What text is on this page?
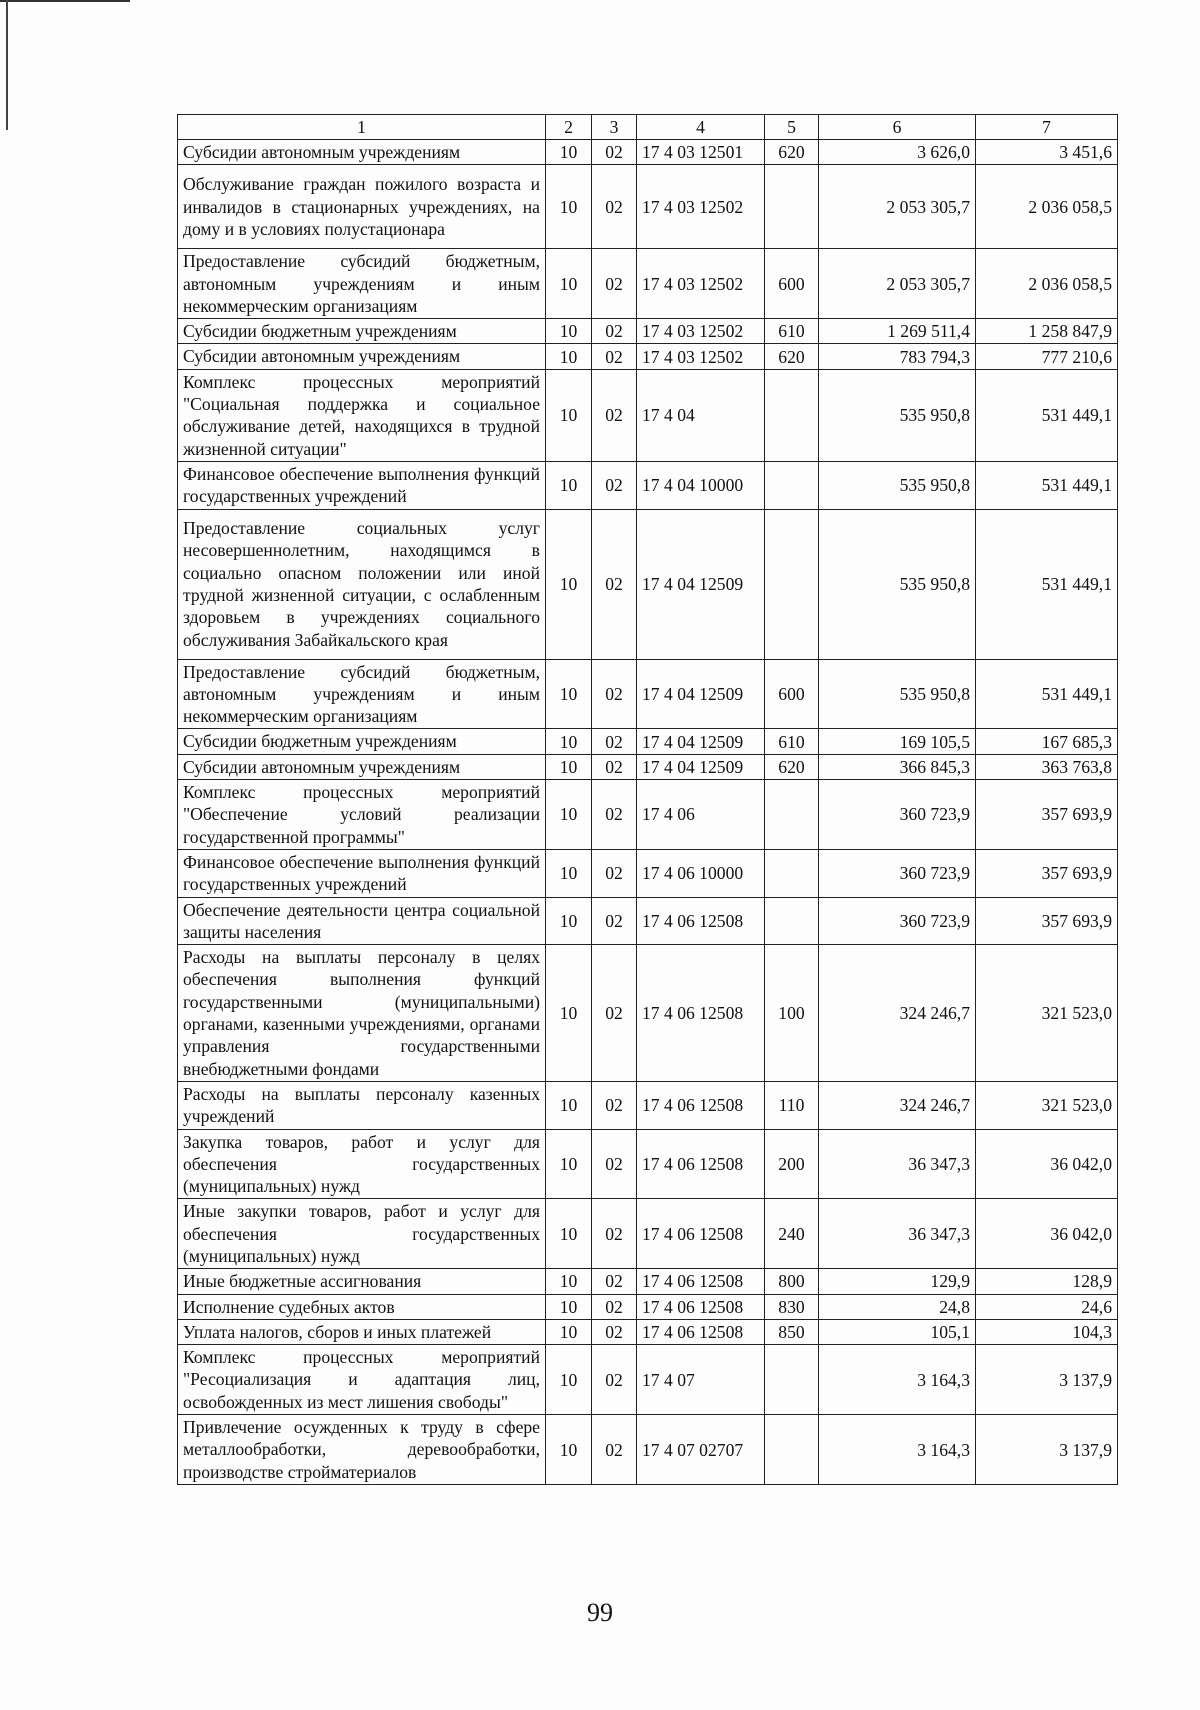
1	2	3	4	5	6	7
Субсидии автономным учреждениям	10	02	17 4 03 12501	620	3 626,0	3 451,6
Обслуживание граждан пожилого возраста и инвалидов в стационарных учреждениях, на дому и в условиях полустационара	10	02	17 4 03 12502		2 053 305,7	2 036 058,5
Предоставление субсидий бюджетным, автономным учреждениям и иным некоммерческим организациям	10	02	17 4 03 12502	600	2 053 305,7	2 036 058,5
Субсидии бюджетным учреждениям	10	02	17 4 03 12502	610	1 269 511,4	1 258 847,9
Субсидии автономным учреждениям	10	02	17 4 03 12502	620	783 794,3	777 210,6
Комплекс процессных мероприятий "Социальная поддержка и социальное обслуживание детей, находящихся в трудной жизненной ситуации"	10	02	17 4 04		535 950,8	531 449,1
Финансовое обеспечение выполнения функций государственных учреждений	10	02	17 4 04 10000		535 950,8	531 449,1
Предоставление социальных услуг несовершеннолетним, находящимся в социально опасном положении или иной трудной жизненной ситуации, с ослабленным здоровьем в учреждениях социального обслуживания Забайкальского края	10	02	17 4 04 12509		535 950,8	531 449,1
Предоставление субсидий бюджетным, автономным учреждениям и иным некоммерческим организациям	10	02	17 4 04 12509	600	535 950,8	531 449,1
Субсидии бюджетным учреждениям	10	02	17 4 04 12509	610	169 105,5	167 685,3
Субсидии автономным учреждениям	10	02	17 4 04 12509	620	366 845,3	363 763,8
Комплекс процессных мероприятий "Обеспечение условий реализации государственной программы"	10	02	17 4 06		360 723,9	357 693,9
Финансовое обеспечение выполнения функций государственных учреждений	10	02	17 4 06 10000		360 723,9	357 693,9
Обеспечение деятельности центра социальной защиты населения	10	02	17 4 06 12508		360 723,9	357 693,9
Расходы на выплаты персоналу в целях обеспечения выполнения функций государственными (муниципальными) органами, казенными учреждениями, органами управления государственными внебюджетными фондами	10	02	17 4 06 12508	100	324 246,7	321 523,0
Расходы на выплаты персоналу казенных учреждений	10	02	17 4 06 12508	110	324 246,7	321 523,0
Закупка товаров, работ и услуг для обеспечения государственных (муниципальных) нужд	10	02	17 4 06 12508	200	36 347,3	36 042,0
Иные закупки товаров, работ и услуг для обеспечения государственных (муниципальных) нужд	10	02	17 4 06 12508	240	36 347,3	36 042,0
Иные бюджетные ассигнования	10	02	17 4 06 12508	800	129,9	128,9
Исполнение судебных актов	10	02	17 4 06 12508	830	24,8	24,6
Уплата налогов, сборов и иных платежей	10	02	17 4 06 12508	850	105,1	104,3
Комплекс процессных мероприятий "Ресоциализация и адаптация лиц, освобожденных из мест лишения свободы"	10	02	17 4 07		3 164,3	3 137,9
Привлечение осужденных к труду в сфере металлообработки, деревообработки, производстве стройматериалов	10	02	17 4 07 02707		3 164,3	3 137,9
99
